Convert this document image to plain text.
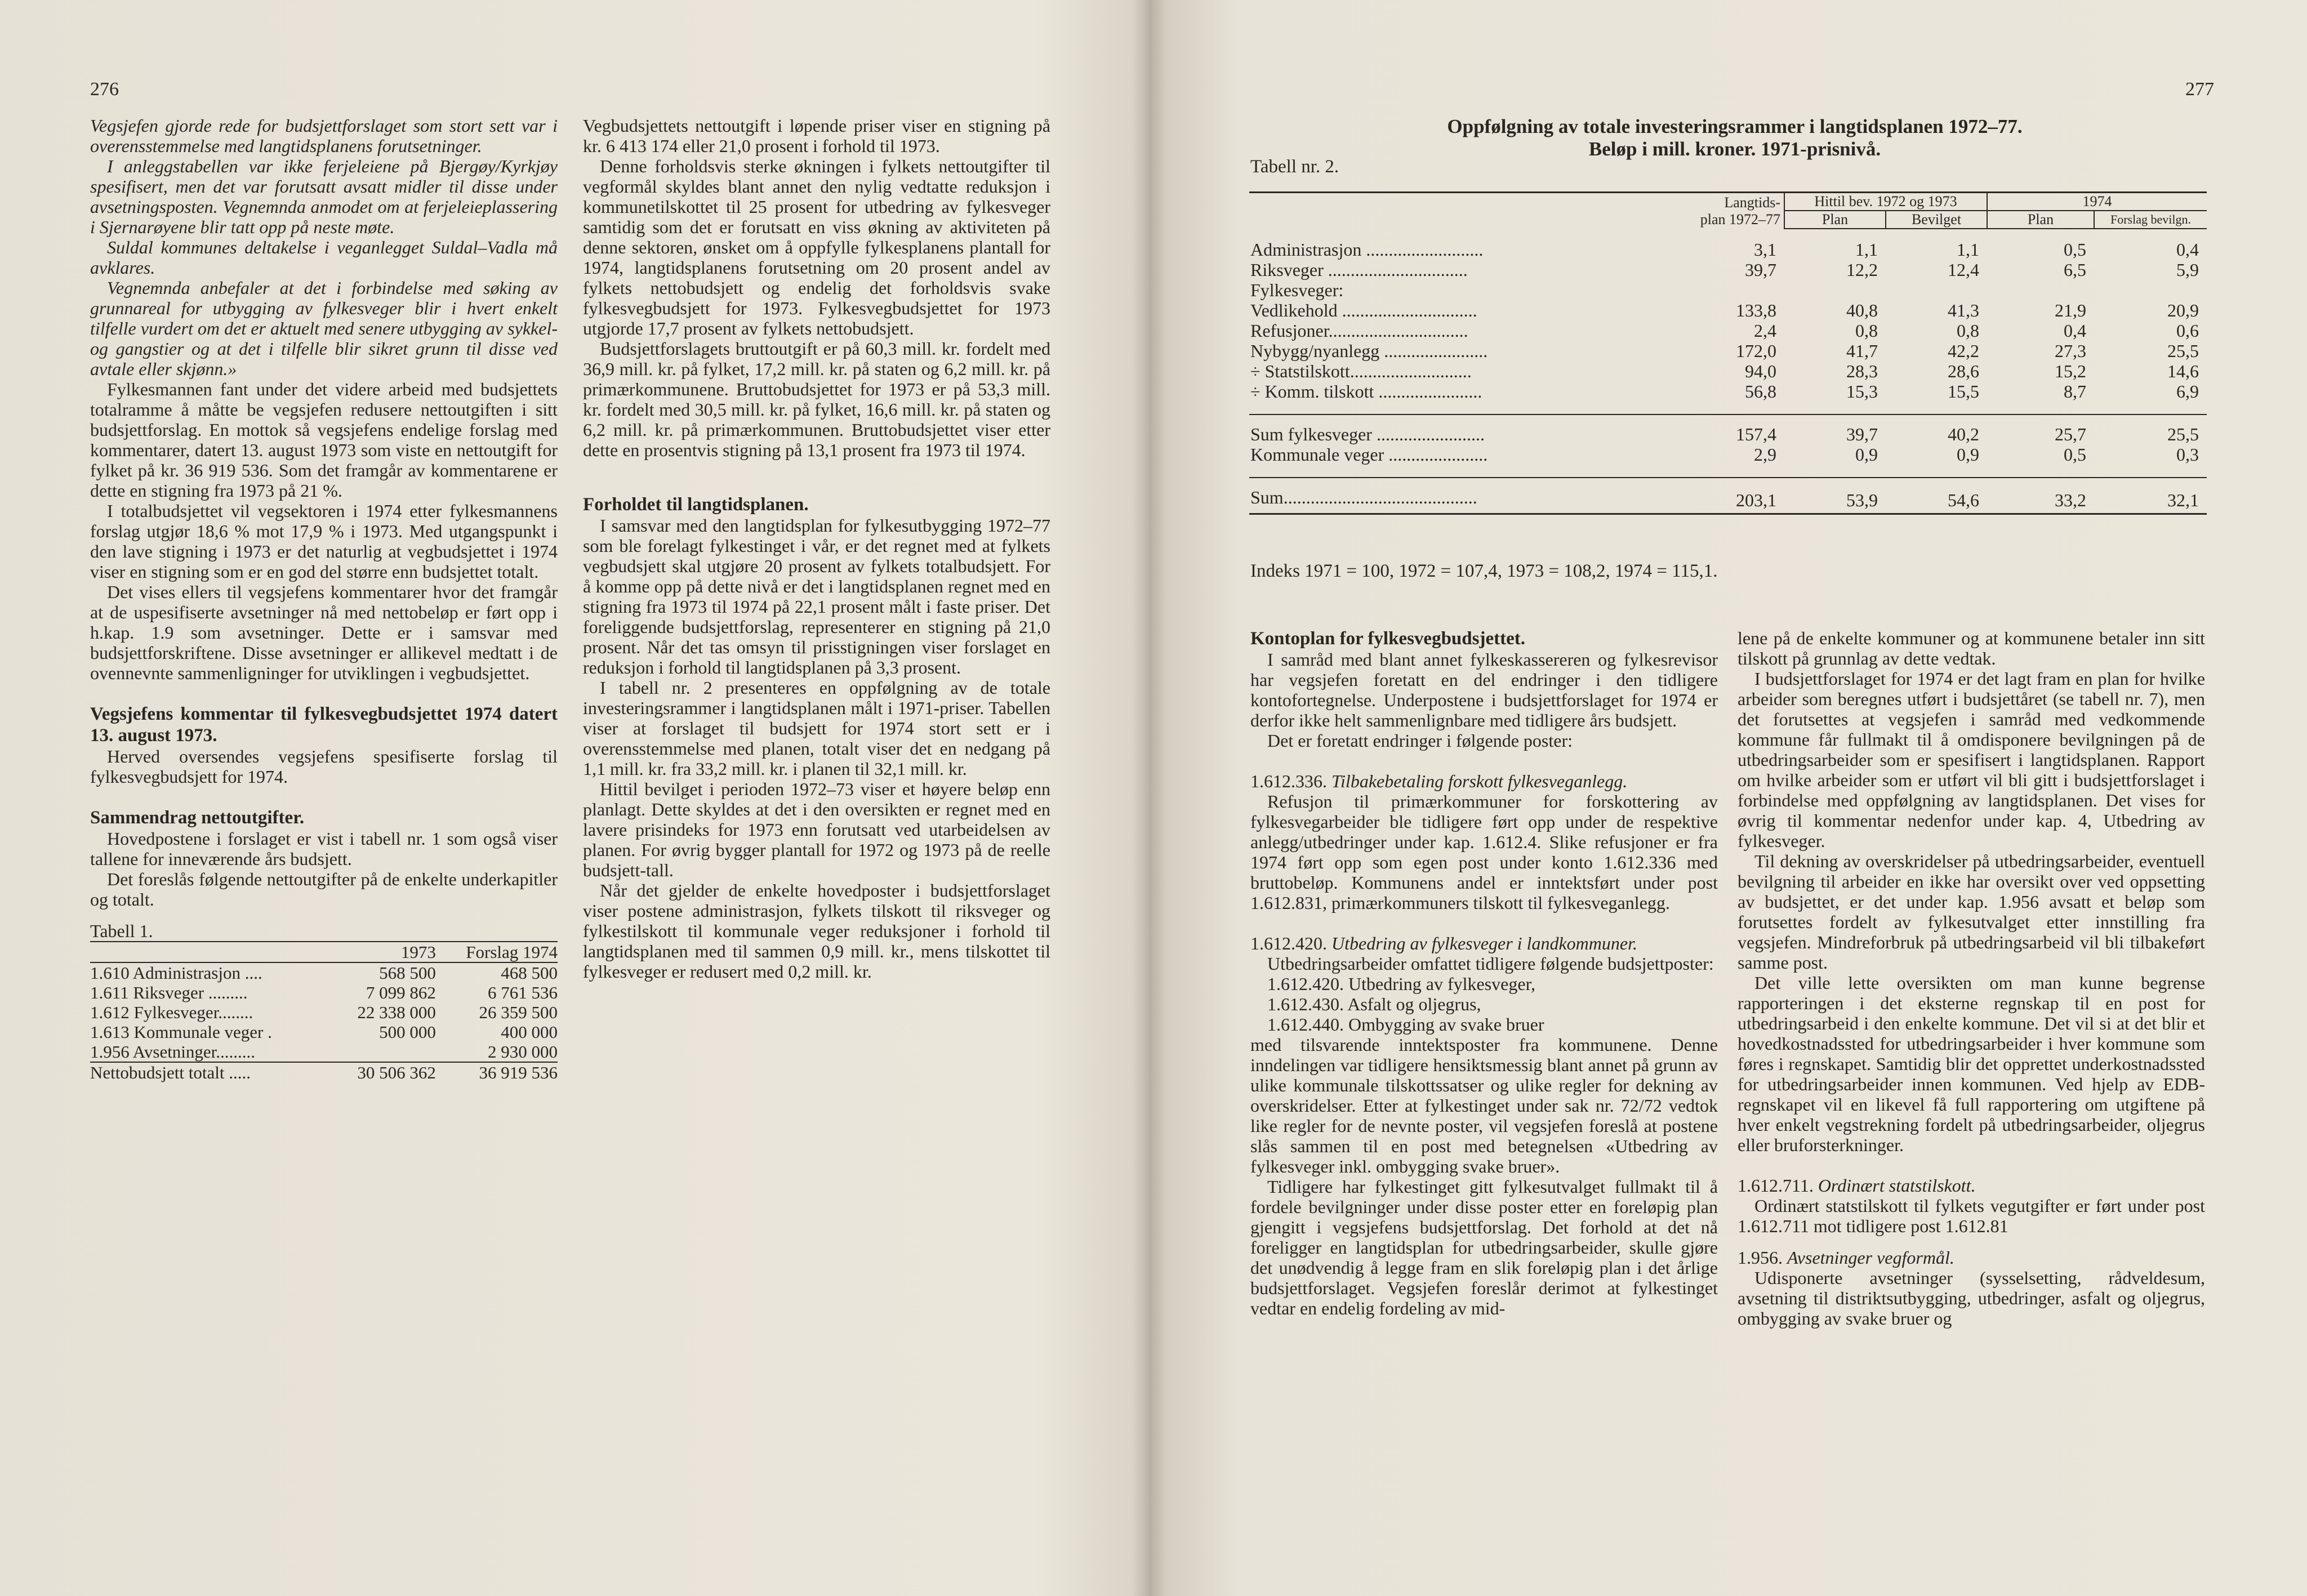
276

Vegsjefen gjorde rede for budsjettforslaget som stort sett var i overensstemmelse med langtidsplanens forutsetninger.

I anleggstabellen var ikke ferjeleiene på Bjergøy/Kyrkjøy spesifisert, men det var forutsatt avsatt midler til disse under avsetningsposten. Vegnemnda anmodet om at ferjeleieplassering i Sjernarøyene blir tatt opp på neste møte.

Suldal kommunes deltakelse i veganlegget Suldal–Vadla må avklares.

Vegnemnda anbefaler at det i forbindelse med søking av grunnareal for utbygging av fylkesveger blir i hvert enkelt tilfelle vurdert om det er aktuelt med senere utbygging av sykkel- og gangstier og at det i tilfelle blir sikret grunn til disse ved avtale eller skjønn.»

Fylkesmannen fant under det videre arbeid med budsjettets totalramme å måtte be vegsjefen redusere nettoutgiften i sitt budsjettforslag. En mottok så vegsjefens endelige forslag med kommentarer, datert 13. august 1973 som viste en nettoutgift for fylket på kr. 36 919 536. Som det framgår av kommentarene er dette en stigning fra 1973 på 21 %.

I totalbudsjettet vil vegsektoren i 1974 etter fylkesmannens forslag utgjør 18,6 % mot 17,9 % i 1973. Med utgangspunkt i den lave stigning i 1973 er det naturlig at vegbudsjettet i 1974 viser en stigning som er en god del større enn budsjettet totalt.

Det vises ellers til vegsjefens kommentarer hvor det framgår at de uspesifiserte avsetninger nå med nettobeløp er ført opp i h.kap. 1.9 som avsetninger. Dette er i samsvar med budsjettforskriftene. Disse avsetninger er allikevel medtatt i de ovennevnte sammenligninger for utviklingen i vegbudsjettet.

Vegsjefens kommentar til fylkesvegbudsjettet 1974 datert 13. august 1973.

Herved oversendes vegsjefens spesifiserte forslag til fylkesvegbudsjett for 1974.

Sammendrag nettoutgifter.

Hovedpostene i forslaget er vist i tabell nr. 1 som også viser tallene for inneværende års budsjett.

Det foreslås følgende nettoutgifter på de enkelte underkapitler og totalt.

Tabell 1.
	1973	Forslag 1974
1.610 Administrasjon ....	568 500	468 500
1.611 Riksveger .........	7 099 862	6 761 536
1.612 Fylkesveger........	22 338 000	26 359 500
1.613 Kommunale veger .	500 000	400 000
1.956 Avsetninger.........		2 930 000
Nettobudsjett totalt .....	30 506 362	36 919 536

Vegbudsjettets nettoutgift i løpende priser viser en stigning på kr. 6 413 174 eller 21,0 prosent i forhold til 1973.

Denne forholdsvis sterke økningen i fylkets nettoutgifter til vegformål skyldes blant annet den nylig vedtatte reduksjon i kommunetilskottet til 25 prosent for utbedring av fylkesveger samtidig som det er forutsatt en viss økning av aktiviteten på denne sektoren, ønsket om å oppfylle fylkesplanens plantall for 1974, langtidsplanens forutsetning om 20 prosent andel av fylkets nettobudsjett og endelig det forholdsvis svake fylkesvegbudsjett for 1973. Fylkesvegbudsjettet for 1973 utgjorde 17,7 prosent av fylkets nettobudsjett.

Budsjettforslagets bruttoutgift er på 60,3 mill. kr. fordelt med 36,9 mill. kr. på fylket, 17,2 mill. kr. på staten og 6,2 mill. kr. på primærkommunene. Bruttobudsjettet for 1973 er på 53,3 mill. kr. fordelt med 30,5 mill. kr. på fylket, 16,6 mill. kr. på staten og 6,2 mill. kr. på primærkommunen. Bruttobudsjettet viser etter dette en prosentvis stigning på 13,1 prosent fra 1973 til 1974.

Forholdet til langtidsplanen.

I samsvar med den langtidsplan for fylkesutbygging 1972–77 som ble forelagt fylkestinget i vår, er det regnet med at fylkets vegbudsjett skal utgjøre 20 prosent av fylkets totalbudsjett. For å komme opp på dette nivå er det i langtidsplanen regnet med en stigning fra 1973 til 1974 på 22,1 prosent målt i faste priser. Det foreliggende budsjettforslag, representerer en stigning på 21,0 prosent. Når det tas omsyn til prisstigningen viser forslaget en reduksjon i forhold til langtidsplanen på 3,3 prosent.

I tabell nr. 2 presenteres en oppfølgning av de totale investeringsrammer i langtidsplanen målt i 1971-priser. Tabellen viser at forslaget til budsjett for 1974 stort sett er i overensstemmelse med planen, totalt viser det en nedgang på 1,1 mill. kr. fra 33,2 mill. kr. i planen til 32,1 mill. kr.

Hittil bevilget i perioden 1972–73 viser et høyere beløp enn planlagt. Dette skyldes at det i den oversikten er regnet med en lavere prisindeks for 1973 enn forutsatt ved utarbeidelsen av planen. For øvrig bygger plantall for 1972 og 1973 på de reelle budsjett-tall.

Når det gjelder de enkelte hovedposter i budsjettforslaget viser postene administrasjon, fylkets tilskott til riksveger og fylkestilskott til kommunale veger reduksjoner i forhold til langtidsplanen med til sammen 0,9 mill. kr., mens tilskottet til fylkesveger er redusert med 0,2 mill. kr.

277
Oppfølgning av totale investeringsrammer i langtidsplanen 1972–77.
Beløp i mill. kroner. 1971-prisnivå.
Tabell nr. 2.
	Langtids-
plan 1972–77	Hittil bev. 1972 og 1973		1974	
		Plan	Bevilget	Plan	Forslag bevilgn.

Administrasjon ..........................	3,1	1,1	1,1	0,5	0,4
Riksveger ...............................	39,7	12,2	12,4	6,5	5,9
Fylkesveger:					
Vedlikehold ..............................	133,8	40,8	41,3	21,9	20,9
Refusjoner...............................	2,4	0,8	0,8	0,4	0,6
Nybygg/nyanlegg .......................	172,0	41,7	42,2	27,3	25,5
÷ Statstilskott...........................	94,0	28,3	28,6	15,2	14,6
÷ Komm. tilskott .......................	56,8	15,3	15,5	8,7	6,9

Sum fylkesveger ........................	157,4	39,7	40,2	25,7	25,5
Kommunale veger ......................	2,9	0,9	0,9	0,5	0,3

Sum...........................................	203,1	53,9	54,6	33,2	32,1
Indeks 1971 = 100, 1972 = 107,4, 1973 = 108,2, 1974 = 115,1.
Kontoplan for fylkesvegbudsjettet.

I samråd med blant annet fylkeskassereren og fylkesrevisor har vegsjefen foretatt en del endringer i den tidligere kontofortegnelse. Underpostene i budsjettforslaget for 1974 er derfor ikke helt sammenlignbare med tidligere års budsjett.

Det er foretatt endringer i følgende poster:

1.612.336. Tilbakebetaling forskott fylkesveganlegg.

Refusjon til primærkommuner for forskottering av fylkesvegarbeider ble tidligere ført opp under de respektive anlegg/utbedringer under kap. 1.612.4. Slike refusjoner er fra 1974 ført opp som egen post under konto 1.612.336 med bruttobeløp. Kommunens andel er inntektsført under post 1.612.831, primærkommuners tilskott til fylkesveganlegg.

1.612.420. Utbedring av fylkesveger i landkommuner.

Utbedringsarbeider omfattet tidligere følgende budsjettposter:

1.612.420. Utbedring av fylkesveger,

1.612.430. Asfalt og oljegrus,

1.612.440. Ombygging av svake bruer

med tilsvarende inntektsposter fra kommunene. Denne inndelingen var tidligere hensiktsmessig blant annet på grunn av ulike kommunale tilskottssatser og ulike regler for dekning av overskridelser. Etter at fylkestinget under sak nr. 72/72 vedtok like regler for de nevnte poster, vil vegsjefen foreslå at postene slås sammen til en post med betegnelsen «Utbedring av fylkesveger inkl. ombygging svake bruer».

Tidligere har fylkestinget gitt fylkesutvalget fullmakt til å fordele bevilgninger under disse poster etter en foreløpig plan gjengitt i vegsjefens budsjettforslag. Det forhold at det nå foreligger en langtidsplan for utbedringsarbeider, skulle gjøre det unødvendig å legge fram en slik foreløpig plan i det årlige budsjettforslaget. Vegsjefen foreslår derimot at fylkestinget vedtar en endelig fordeling av mid-

lene på de enkelte kommuner og at kommunene betaler inn sitt tilskott på grunnlag av dette vedtak.

I budsjettforslaget for 1974 er det lagt fram en plan for hvilke arbeider som beregnes utført i budsjettåret (se tabell nr. 7), men det forutsettes at vegsjefen i samråd med vedkommende kommune får fullmakt til å omdisponere bevilgningen på de utbedringsarbeider som er spesifisert i langtidsplanen. Rapport om hvilke arbeider som er utført vil bli gitt i budsjettforslaget i forbindelse med oppfølgning av langtidsplanen. Det vises for øvrig til kommentar nedenfor under kap. 4, Utbedring av fylkesveger.

Til dekning av overskridelser på utbedringsarbeider, eventuell bevilgning til arbeider en ikke har oversikt over ved oppsetting av budsjettet, er det under kap. 1.956 avsatt et beløp som forutsettes fordelt av fylkesutvalget etter innstilling fra vegsjefen. Mindreforbruk på utbedringsarbeid vil bli tilbakeført samme post.

Det ville lette oversikten om man kunne begrense rapporteringen i det eksterne regnskap til en post for utbedringsarbeid i den enkelte kommune. Det vil si at det blir et hovedkostnadssted for utbedringsarbeider i hver kommune som føres i regnskapet. Samtidig blir det opprettet underkostnadssted for utbedringsarbeider innen kommunen. Ved hjelp av EDB-regnskapet vil en likevel få full rapportering om utgiftene på hver enkelt vegstrekning fordelt på utbedringsarbeider, oljegrus eller bruforsterkninger.

1.612.711. Ordinært statstilskott.

Ordinært statstilskott til fylkets vegutgifter er ført under post 1.612.711 mot tidligere post 1.612.81

1.956. Avsetninger vegformål.

Udisponerte avsetninger (sysselsetting, rådveldesum, avsetning til distriktsutbygging, utbedringer, asfalt og oljegrus, ombygging av svake bruer og
